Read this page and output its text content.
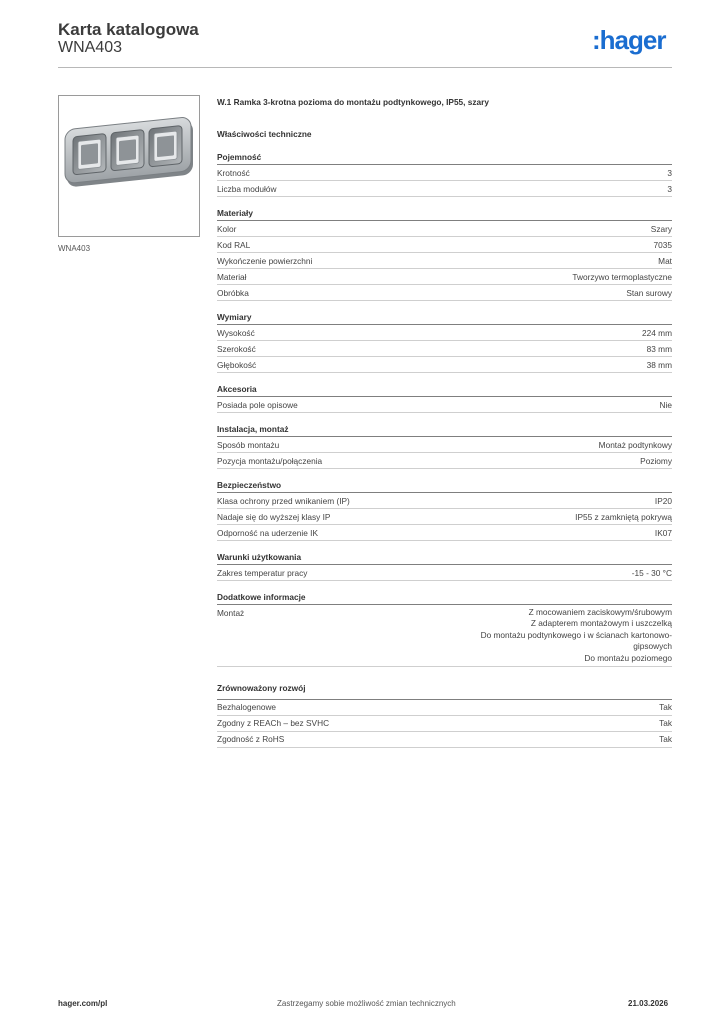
Karta katalogowa
WNA403	:hager
WNA403
W.1 Ramka 3-krotna pozioma do montażu podtynkowego, IP55, szary
Właściwości techniczne
Pojemność
Krotność	3
Liczba modułów	3
Materiały
Kolor	Szary
Kod RAL	7035
Wykończenie powierzchni	Mat
Materiał	Tworzywo termoplastyczne
Obróbka	Stan surowy
Wymiary
Wysokość	224 mm
Szerokość	83 mm
Głębokość	38 mm
Akcesoria
Posiada pole opisowe	Nie
Instalacja, montaż
Sposób montażu	Montaż podtynkowy
Pozycja montażu/połączenia	Poziomy
Bezpieczeństwo
Klasa ochrony przed wnikaniem (IP)	IP20
Nadaje się do wyższej klasy IP	IP55 z zamkniętą pokrywą
Odporność na uderzenie IK	IK07
Warunki użytkowania
Zakres temperatur pracy	-15 - 30 °C
Dodatkowe informacje
Montaż	Z mocowaniem zaciskowym/śrubowym
Z adapterem montażowym i uszczelką
Do montażu podtynkowego i w ścianach kartonowo-
gipsowych
Do montażu poziomego
Zrównoważony rozwój
Bezhalogenowe	Tak
Zgodny z REACh – bez SVHC	Tak
Zgodność z RoHS	Tak
hager.com/pl	Zastrzegamy sobie możliwość zmian technicznych	21.03.2026
